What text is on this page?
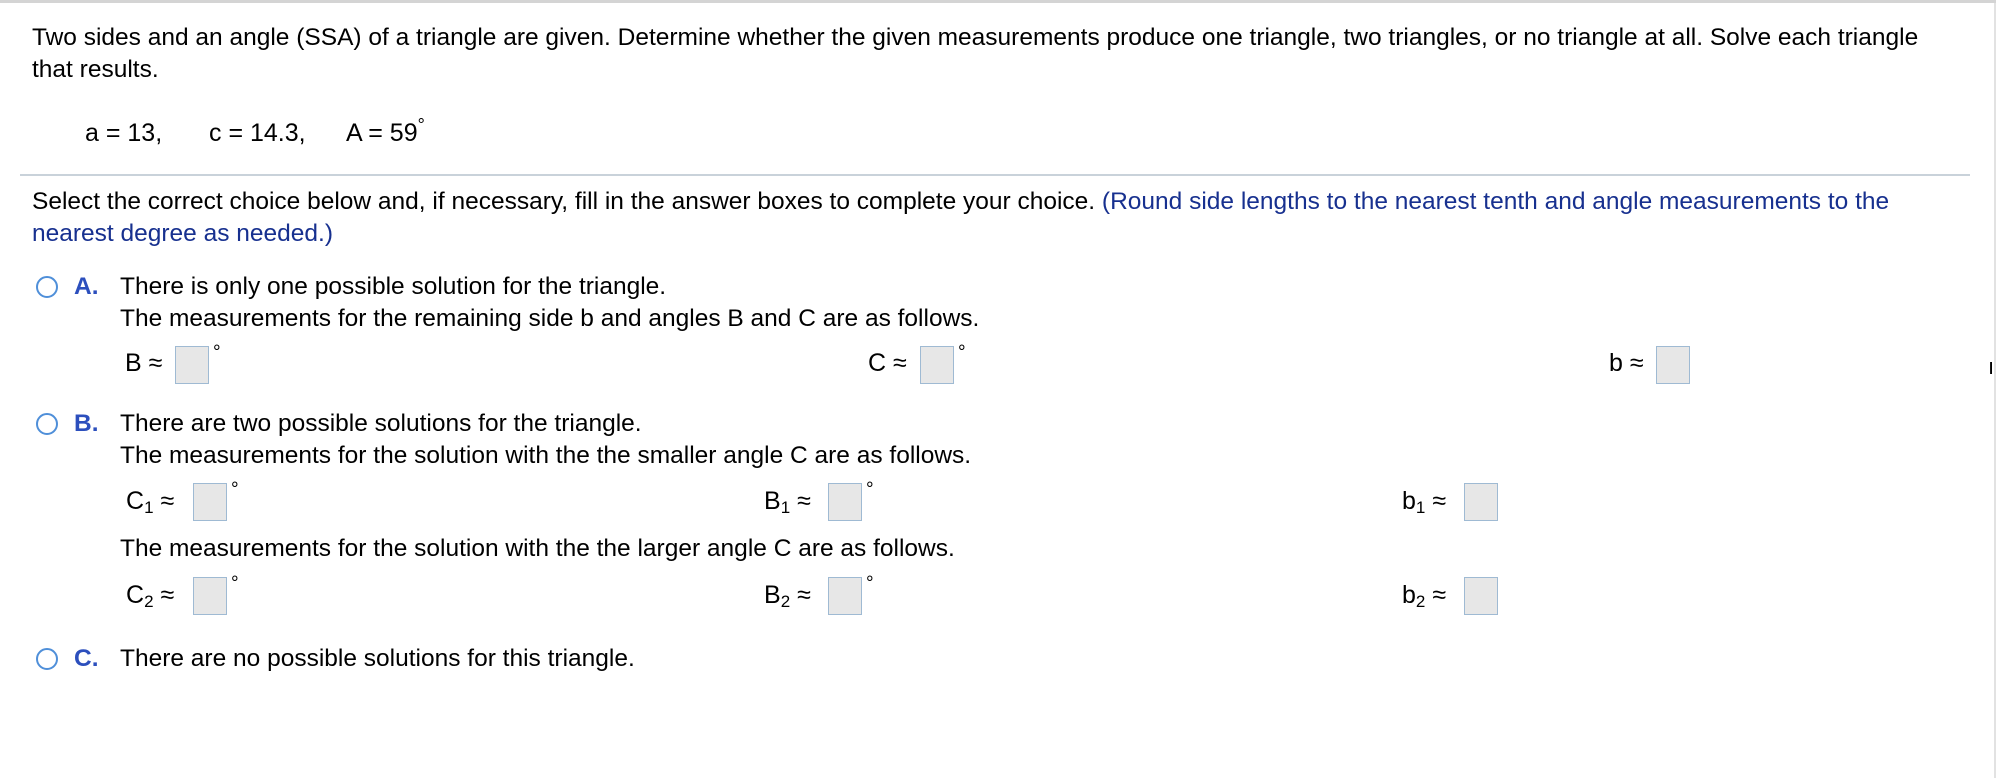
ı
Two sides and an angle (SSA) of a triangle are given. Determine whether the given measurements produce one triangle, two triangles, or no triangle at all. Solve each triangle that results.
a = 13, c = 14.3, A = 59°
Select the correct choice below and, if necessary, fill in the answer boxes to complete your choice. (Round side lengths to the nearest tenth and angle measurements to the nearest degree as needed.)
A. There is only one possible solution for the triangle.
The measurements for the remaining side b and angles B and C are as follows.
B ≈	°	C ≈	°	b ≈
B. There are two possible solutions for the triangle.
The measurements for the solution with the the smaller angle C are as follows.
$C_1$ ≈	°	$B_1$ ≈	°	$b_1$ ≈
The measurements for the solution with the the larger angle C are as follows.
$C_2$ ≈	°	$B_2$ ≈	°	$b_2$ ≈
C. There are no possible solutions for this triangle.
